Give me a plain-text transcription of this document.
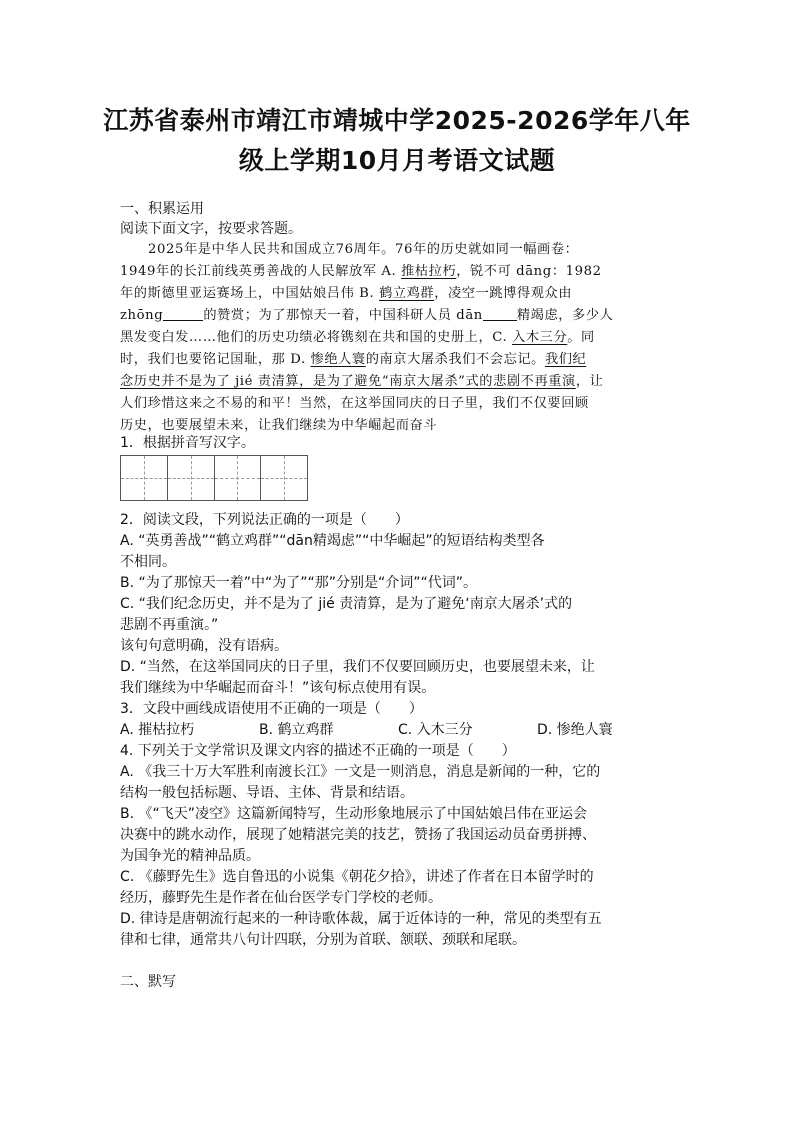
江苏省泰州市靖江市靖城中学2025-2026学年八年
级上学期10月月考语文试题
一、积累运用
阅读下面文字，按要求答题。
2025年是中华人民共和国成立76周年。76年的历史就如同一幅画卷：
1949年的长江前线英勇善战的人民解放军 A. 推枯拉朽，锐不可 dāng：1982
年的斯德里亚运赛场上，中国姑娘吕伟 B. 鹤立鸡群，凌空一跳博得观众由
zhōng	的赞赏；为了那惊天一着，中国科研人员 dān	精竭虑，多少人
黑发变白发……他们的历史功绩必将镌刻在共和国的史册上，C. 入木三分。同
时，我们也要铭记国耻，那 D. 惨绝人寰的南京大屠杀我们不会忘记。我们纪
念历史并不是为了 jié 责清算，是为了避免“南京大屠杀”式的悲剧不再重演，让
人们珍惜这来之不易的和平！当然，在这举国同庆的日子里，我们不仅要回顾
历史，也要展望未来，让我们继续为中华崛起而奋斗
1．根据拼音写汉字。
2．阅读文段，下列说法正确的一项是（　　）
A. “英勇善战”“鹤立鸡群”“dān精竭虑”“中华崛起”的短语结构类型各
不相同。
B. “为了那惊天一着”中“为了”“那”分别是“介词”“代词”。
C. “我们纪念历史，并不是为了 jié 责清算，是为了避免‘南京大屠杀’式的
悲剧不再重演。”
该句句意明确，没有语病。
D. “当然，在这举国同庆的日子里，我们不仅要回顾历史，也要展望未来，让
我们继续为中华崛起而奋斗！”该句标点使用有误。
3．文段中画线成语使用不正确的一项是（　　）
A. 摧枯拉朽	B. 鹤立鸡群	C. 入木三分	D. 惨绝人寰
4. 下列关于文学常识及课文内容的描述不正确的一项是（　　）
A. 《我三十万大军胜利南渡长江》一文是一则消息，消息是新闻的一种，它的
结构一般包括标题、导语、主体、背景和结语。
B. 《“飞天”凌空》这篇新闻特写，生动形象地展示了中国姑娘吕伟在亚运会
决赛中的跳水动作，展现了她精湛完美的技艺，赞扬了我国运动员奋勇拼搏、
为国争光的精神品质。
C. 《藤野先生》选自鲁迅的小说集《朝花夕拾》，讲述了作者在日本留学时的
经历，藤野先生是作者在仙台医学专门学校的老师。
D. 律诗是唐朝流行起来的一种诗歌体裁，属于近体诗的一种，常见的类型有五
律和七律，通常共八句计四联，分别为首联、颔联、颈联和尾联。
二、默写
